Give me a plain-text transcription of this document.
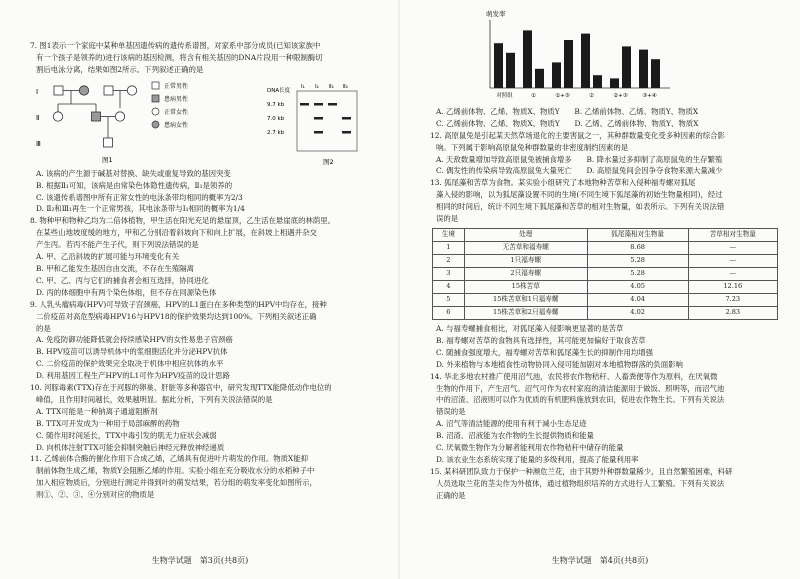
7. 图1表示一个家庭中某种单基因遗传病的遗传系谱图，对家系中部分成员(已知该家族中

有一个孩子是领养的)进行该病的基因检测，将含有相关基因的DNA片段用一种限制酶切

割后电泳分离，结果如图2所示。下列叙述正确的是

Ⅰ
Ⅱ
Ⅲ
正常男性
患病男性
正常女性
患病女性
图1
DNA长度
Ⅰ₁ Ⅰ₂ Ⅱ₁ Ⅱ₂
9.7 kb
7.0 kb
2.7 kb
图2

A. 该病的产生源于碱基对替换、缺失或重复导致的基因突变

B. 根据Ⅱ₁可知，该病是由常染色体隐性遗传病，Ⅱ₁是领养的

C. 该遗传系谱图中所有正常女性的电泳条带均相同的概率为2/3

D. Ⅱ₂和Ⅲ₁再生一个正常男孩，其电泳条带与Ⅰ₁相同的概率为1/4

8. 物种甲和物种乙均为二倍体植物，甲生活在阳光充足的悬崖顶，乙生活在悬崖底的林荫里。

在某些山地坡度缓的地方，甲和乙分别沿着斜坡向下和向上扩展，在斜坡上相遇并杂交

产生丙。若丙不能产生子代，则下列说法错误的是

A. 甲、乙沿斜坡的扩展可能与环境变化有关

B. 甲和乙能发生基因自由交流，不存在生殖隔离

C. 甲、乙、丙与它们的捕食者会相互选择，协同进化

D. 丙的体细胞中有两个染色体组，但不存在同源染色体

9. 人乳头瘤病毒(HPV)可导致子宫颈癌，HPV的L1蛋白在多种类型的HPV中均存在，接种

二价疫苗对高危型病毒HPV16与HPV18的保护效果均达到100%。下列相关叙述正确

的是

A. 免疫防御功能降低就会持续感染HPV的女性易患子宫颈癌

B. HPV疫苗可以诱导机体中的浆细胞活化并分泌HPV抗体

C. 二价疫苗的保护效果完全取决于机体中相应抗体的水平

D. 利用基因工程生产HPV的L1可作为HPV疫苗的设计思路

10. 河豚毒素(TTX)存在于河豚的卵巢、肝脏等多种器官中，研究发现TTX能降低动作电位的

峰值，且作用时间越长，效果越明显。据此分析，下列有关说法错误的是

A. TTX可能是一种钠离子通道阻断剂

B. TTX可开发成为一种用于局部麻醉的药物

C. 随作用时间延长，TTX中毒引发的肌无力症状会减弱

D. 向机体注射TTX可能会抑制突触后神经元释放神经递质

11. 乙烯前体合酶的催化作用下合成乙烯，乙烯具有促进叶片萌发的作用。物质X能抑

制前体物生成乙烯，物质Y会阻断乙烯的作用。实验小组在充分吸收水分的水稻种子中

加入相应物质后，分别进行测定并得到叶的萌发结果，若分组的萌发率变化如图所示，

则①、②、③、④分别对应的物质是

生物学试题　第3页(共8页)
萌发率
对照组	①	①+③	②	②+③	③+④

A. 乙烯前体物、乙烯、物质X、物质Y　　B. 乙烯前体物、乙烯、物质Y、物质X

C. 乙烯前体物、乙烯、物质X、物质Y　　D. 乙烯、乙烯前体物、物质Y、物质X

12. 高原鼠兔是引起某天然草场退化的主要害鼠之一，其种群数量变化受多种因素的综合影

响。下列属于影响高原鼠兔种群数量的非密度制约因素的是

A. 天敌数量增加导致高原鼠兔被捕食增多　　B. 降水量过多抑制了高原鼠兔的生存繁殖

C. 偶发性的传染病导致高原鼠兔大量死亡　　D. 高原鼠兔间会因争夺食物来源大量减少

13. 狐尾藻和苦草为食物。某实验小组研究了本地物种苦草和入侵种福寿螺对狐尾

藻入侵的影响，以为狐尾藻设置不同的生境(不同生境下狐尾藻的初始生物量相同)，经过

相同的时间后，统计不同生境下狐尾藻和苦草的相对生物量，如表所示。下列有关说法错

误的是

生境	处理	狐尾藻相对生物量	苦草相对生物量
1	无苦草和福寿螺	8.68	—
2	1只福寿螺	5.28	—
3	2只福寿螺	5.28	—
4	15株苦草	4.05	12.16
5	15株苦草和1只福寿螺	4.04	7.23
6	15株苦草和2只福寿螺	4.02	2.83

A. 与福寿螺捕食相比，对狐尾藻入侵影响更显著的是苦草

B. 福寿螺对苦草的食物具有选择性，其可能更加偏好于取食苦草

C. 随捕食强度增大，福寿螺对苦草和狐尾藻生长的抑制作用均增强

D. 外来植物与本地植食性动物协同入侵可能加剧对本地植物群落的负面影响

14. 华北多地农村推广使用沼气池，农民将农作物秸秆、人畜粪便等作为原料，在厌氧微

生物的作用下，产生沼气。沼气可作为农村家庭的清洁能源用于做饭、照明等，而沼气池

中的沼渣、沼液则可以作为优质的有机肥料施放到农田，促进农作物生长。下列有关说法

错误的是

A. 沼气等清洁能源的使用有利于减小生态足迹

B. 沼渣、沼液能为农作物的生长提供物质和能量

C. 厌氧微生物作为分解者能利用农作物秸秆中储存的能量

D. 该农业生态系统实现了能量的多级利用，提高了能量利用率

15. 某科研团队致力于保护一种濒危兰花，由于其野外种群数量稀少，且自然繁殖困难，科研

人员选取兰花的茎尖作为外植体，通过植物组织培养的方式进行人工繁殖。下列有关说法

正确的是

生物学试题　第4页(共8页)
